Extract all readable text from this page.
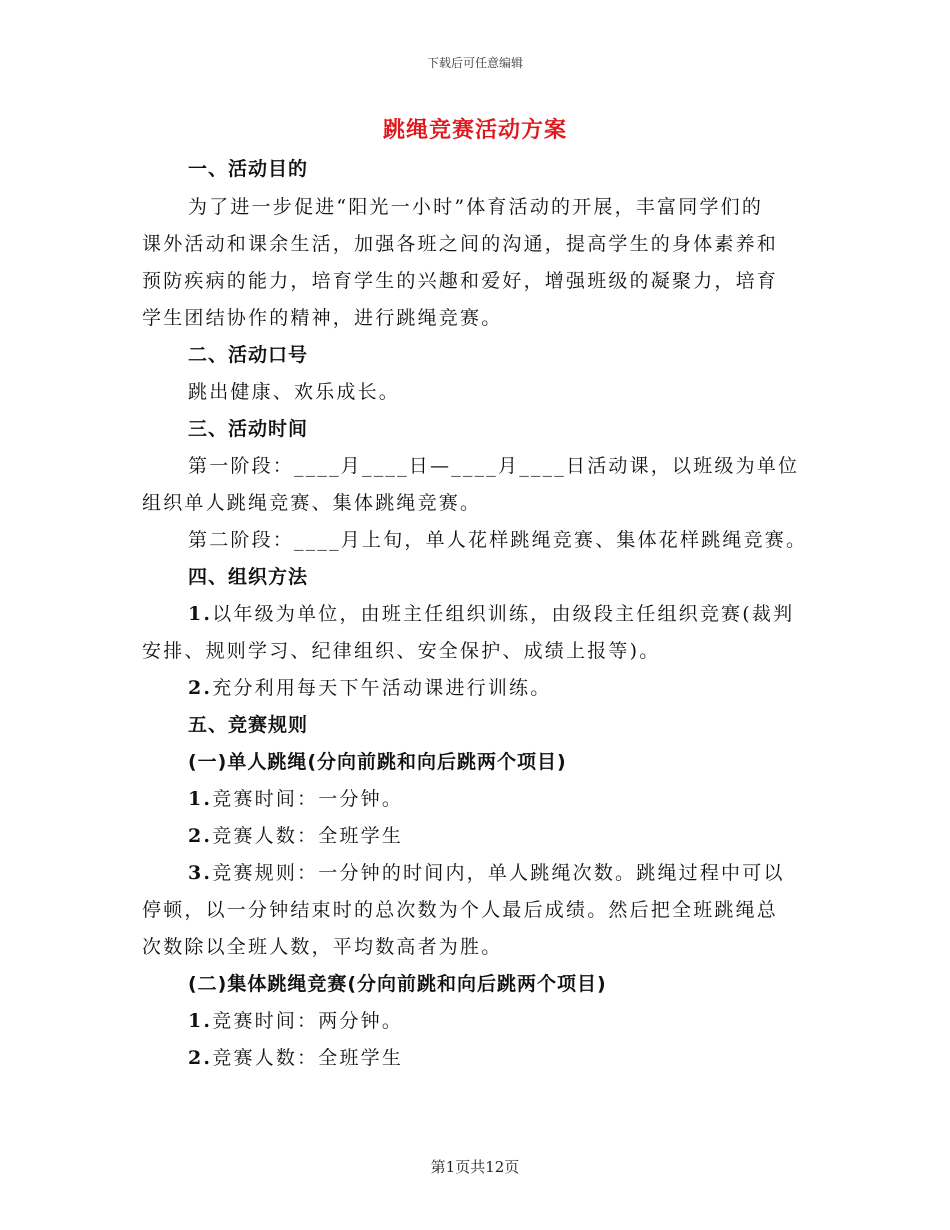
下载后可任意编辑
跳绳竞赛活动方案
一、活动目的
为了进一步促进“阳光一小时”体育活动的开展，丰富同学们的
课外活动和课余生活，加强各班之间的沟通，提高学生的身体素养和
预防疾病的能力，培育学生的兴趣和爱好，增强班级的凝聚力，培育
学生团结协作的精神，进行跳绳竞赛。
二、活动口号
跳出健康、欢乐成长。
三、活动时间
第一阶段：____月____日—____月____日活动课，以班级为单位
组织单人跳绳竞赛、集体跳绳竞赛。
第二阶段：____月上旬，单人花样跳绳竞赛、集体花样跳绳竞赛。
四、组织方法
1.以年级为单位，由班主任组织训练，由级段主任组织竞赛(裁判
安排、规则学习、纪律组织、安全保护、成绩上报等)。
2.充分利用每天下午活动课进行训练。
五、竞赛规则
(一)单人跳绳(分向前跳和向后跳两个项目)
1.竞赛时间：一分钟。
2.竞赛人数：全班学生
3.竞赛规则：一分钟的时间内，单人跳绳次数。跳绳过程中可以
停顿，以一分钟结束时的总次数为个人最后成绩。然后把全班跳绳总
次数除以全班人数，平均数高者为胜。
(二)集体跳绳竞赛(分向前跳和向后跳两个项目)
1.竞赛时间：两分钟。
2.竞赛人数：全班学生
第1页共12页
